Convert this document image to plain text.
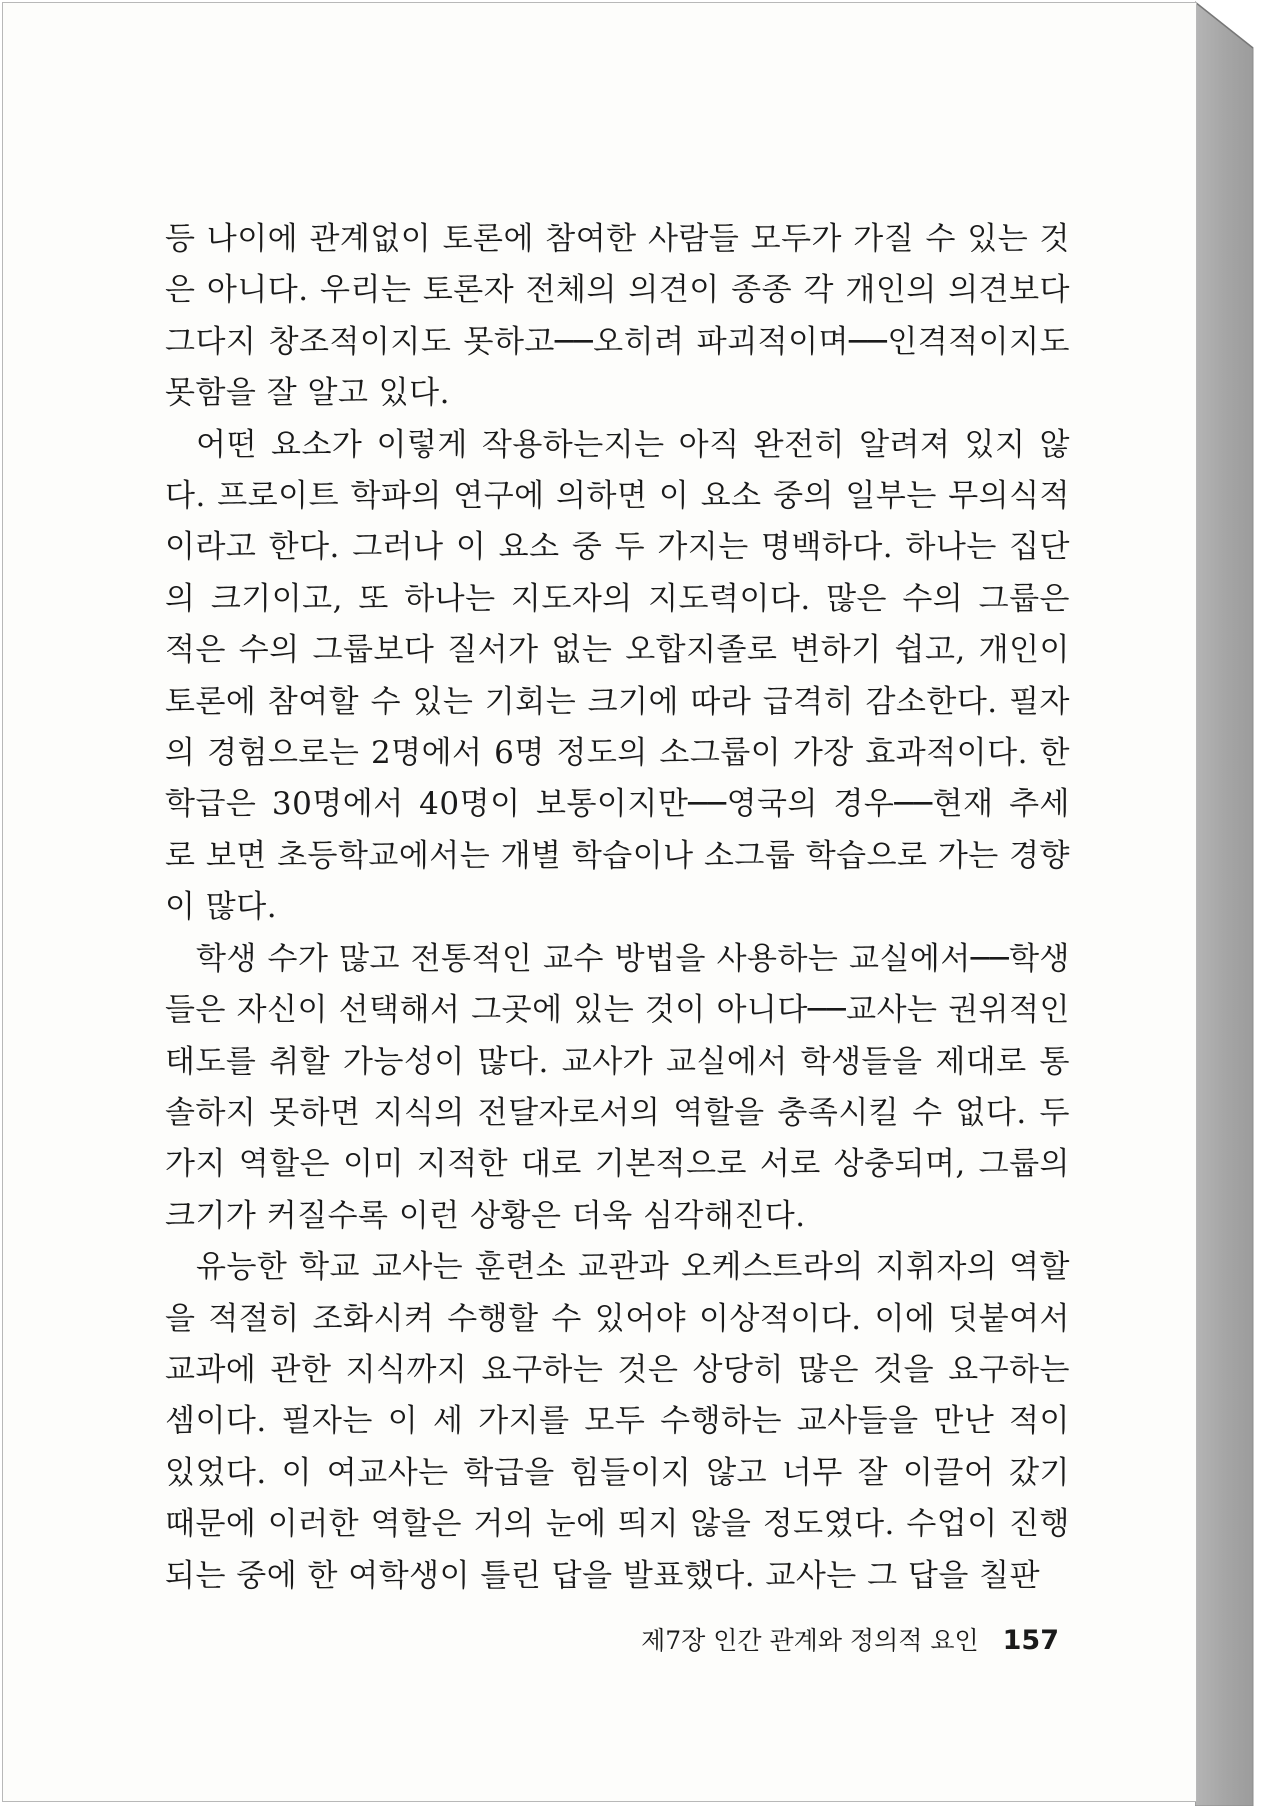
등 나이에 관계없이 토론에 참여한 사람들 모두가 가질 수 있는 것은 아니다. 우리는 토론자 전체의 의견이 종종 각 개인의 의견보다 그다지 창조적이지도 못하고──오히려 파괴적이며──인격적이지도 못함을 잘 알고 있다.

어떤 요소가 이렇게 작용하는지는 아직 완전히 알려져 있지 않다. 프로이트 학파의 연구에 의하면 이 요소 중의 일부는 무의식적이라고 한다. 그러나 이 요소 중 두 가지는 명백하다. 하나는 집단의 크기이고, 또 하나는 지도자의 지도력이다. 많은 수의 그룹은 적은 수의 그룹보다 질서가 없는 오합지졸로 변하기 쉽고, 개인이 토론에 참여할 수 있는 기회는 크기에 따라 급격히 감소한다. 필자의 경험으로는 2명에서 6명 정도의 소그룹이 가장 효과적이다. 한 학급은 30명에서 40명이 보통이지만──영국의 경우──현재 추세로 보면 초등학교에서는 개별 학습이나 소그룹 학습으로 가는 경향이 많다.

학생 수가 많고 전통적인 교수 방법을 사용하는 교실에서──학생들은 자신이 선택해서 그곳에 있는 것이 아니다──교사는 권위적인 태도를 취할 가능성이 많다. 교사가 교실에서 학생들을 제대로 통솔하지 못하면 지식의 전달자로서의 역할을 충족시킬 수 없다. 두 가지 역할은 이미 지적한 대로 기본적으로 서로 상충되며, 그룹의 크기가 커질수록 이런 상황은 더욱 심각해진다.

유능한 학교 교사는 훈련소 교관과 오케스트라의 지휘자의 역할을 적절히 조화시켜 수행할 수 있어야 이상적이다. 이에 덧붙여서 교과에 관한 지식까지 요구하는 것은 상당히 많은 것을 요구하는 셈이다. 필자는 이 세 가지를 모두 수행하는 교사들을 만난 적이 있었다. 이 여교사는 학급을 힘들이지 않고 너무 잘 이끌어 갔기 때문에 이러한 역할은 거의 눈에 띄지 않을 정도였다. 수업이 진행되는 중에 한 여학생이 틀린 답을 발표했다. 교사는 그 답을 칠판

제7장 인간 관계와 정의적 요인 157
